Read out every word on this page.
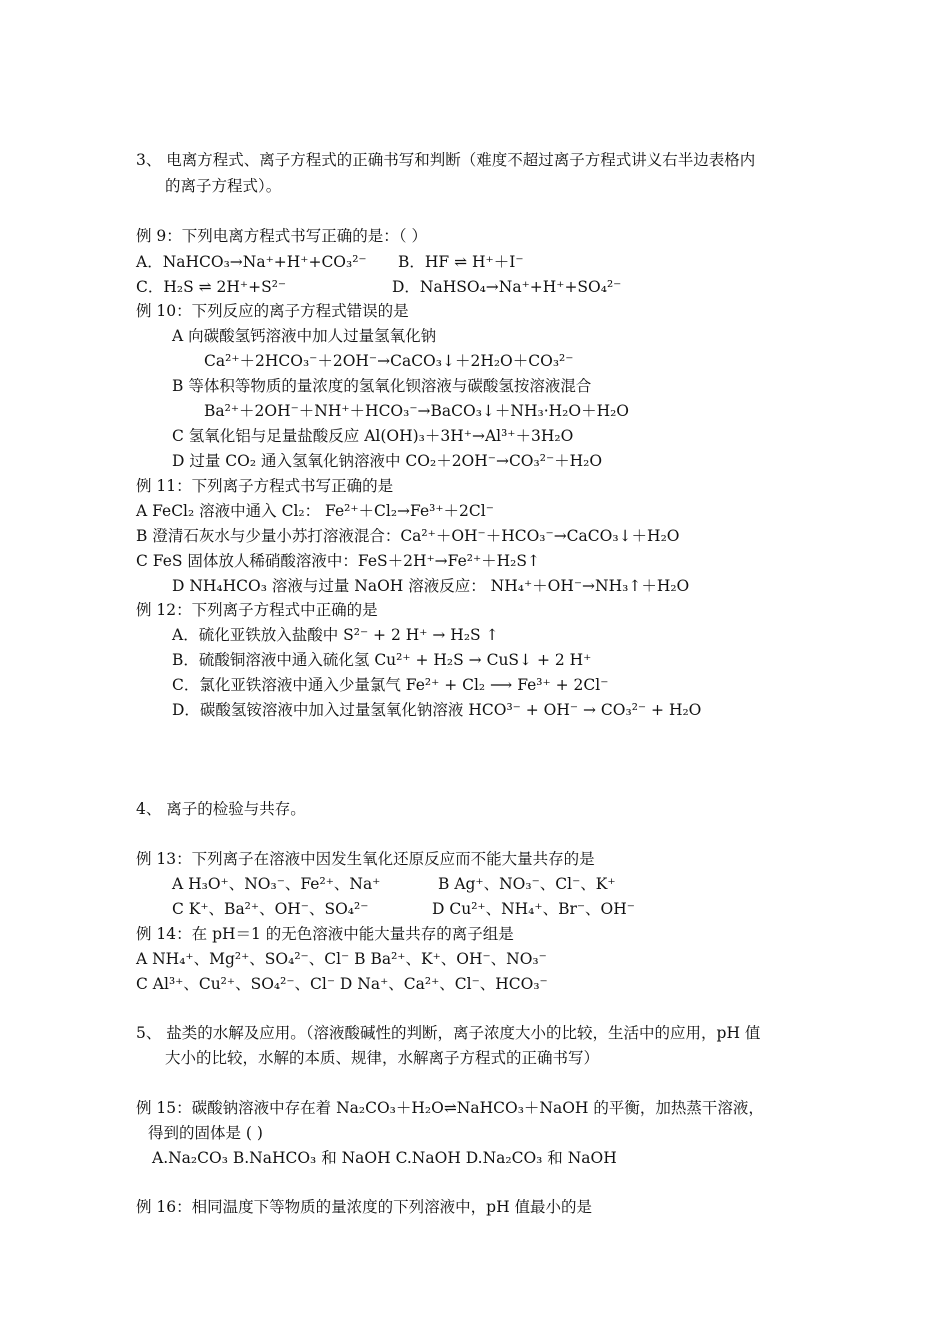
3、 电离方程式、离子方程式的正确书写和判断（难度不超过离子方程式讲义右半边表格内
的离子方程式）。
例 9：下列电离方程式书写正确的是：（ ）
A．NaHCO₃→Na⁺+H⁺+CO₃²⁻ B．HF ⇌ H⁺＋I⁻
C．H₂S ⇌ 2H⁺+S²⁻	D．NaHSO₄→Na⁺+H⁺+SO₄²⁻
例 10：下列反应的离子方程式错误的是
A 向碳酸氢钙溶液中加人过量氢氧化钠
Ca²⁺＋2HCO₃⁻＋2OH⁻→CaCO₃↓＋2H₂O＋CO₃²⁻
B 等体积等物质的量浓度的氢氧化钡溶液与碳酸氢按溶液混合
Ba²⁺＋2OH⁻＋NH⁺＋HCO₃⁻→BaCO₃↓＋NH₃·H₂O＋H₂O
C 氢氧化铝与足量盐酸反应 Al(OH)₃＋3H⁺→Al³⁺＋3H₂O
D 过量 CO₂ 通入氢氧化钠溶液中 CO₂＋2OH⁻→CO₃²⁻＋H₂O
例 11：下列离子方程式书写正确的是
A FeCl₂ 溶液中通入 Cl₂： Fe²⁺＋Cl₂→Fe³⁺＋2Cl⁻
B 澄清石灰水与少量小苏打溶液混合：Ca²⁺＋OH⁻＋HCO₃⁻→CaCO₃↓＋H₂O
C FeS 固体放人稀硝酸溶液中：FeS＋2H⁺→Fe²⁺＋H₂S↑
D NH₄HCO₃ 溶液与过量 NaOH 溶液反应： NH₄⁺＋OH⁻→NH₃↑＋H₂O
例 12：下列离子方程式中正确的是
A．硫化亚铁放入盐酸中 S²⁻ + 2 H⁺ → H₂S ↑
B．硫酸铜溶液中通入硫化氢 Cu²⁺ + H₂S → CuS↓ + 2 H⁺
C．氯化亚铁溶液中通入少量氯气 Fe²⁺ + Cl₂ ⟶ Fe³⁺ + 2Cl⁻
D．碳酸氢铵溶液中加入过量氢氧化钠溶液 HCO³⁻ + OH⁻ → CO₃²⁻ + H₂O
4、 离子的检验与共存。
例 13：下列离子在溶液中因发生氧化还原反应而不能大量共存的是
A H₃O⁺、NO₃⁻、Fe²⁺、Na⁺	B Ag⁺、NO₃⁻、Cl⁻、K⁺
C K⁺、Ba²⁺、OH⁻、SO₄²⁻	D Cu²⁺、NH₄⁺、Br⁻、OH⁻
例 14：在 pH＝1 的无色溶液中能大量共存的离子组是
A NH₄⁺、Mg²⁺、SO₄²⁻、Cl⁻ B Ba²⁺、K⁺、OH⁻、NO₃⁻
C Al³⁺、Cu²⁺、SO₄²⁻、Cl⁻ D Na⁺、Ca²⁺、Cl⁻、HCO₃⁻
5、 盐类的水解及应用。（溶液酸碱性的判断，离子浓度大小的比较，生活中的应用，pH 值
大小的比较，水解的本质、规律，水解离子方程式的正确书写）
例 15：碳酸钠溶液中存在着 Na₂CO₃＋H₂O⇌NaHCO₃＋NaOH 的平衡，加热蒸干溶液，
得到的固体是 ( )
A.Na₂CO₃ B.NaHCO₃ 和 NaOH C.NaOH D.Na₂CO₃ 和 NaOH
例 16：相同温度下等物质的量浓度的下列溶液中，pH 值最小的是
